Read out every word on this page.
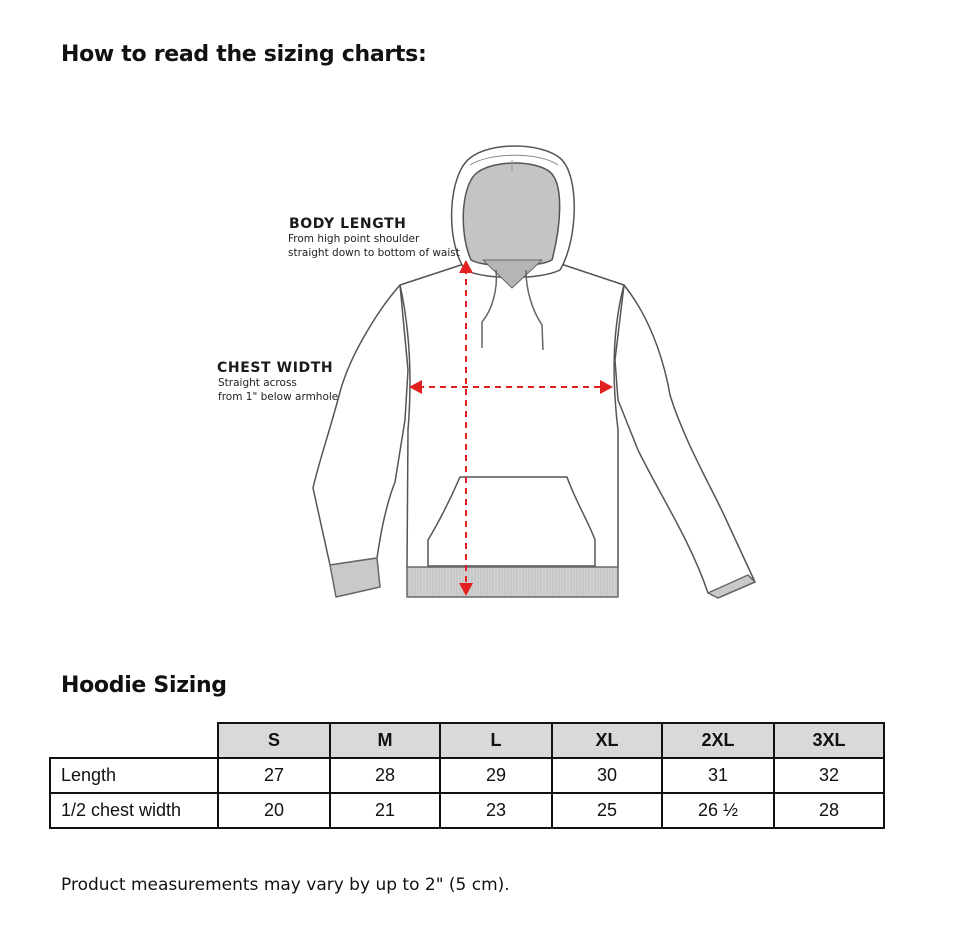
How to read the sizing charts:
BODY LENGTH
From high point shoulder
straight down to bottom of waist
CHEST WIDTH
Straight across
from 1" below armhole
Hoodie Sizing
	S	M	L	XL	2XL	3XL
Length	27	28	29	30	31	32
1/2 chest width	20	21	23	25	26 ½	28

Product measurements may vary by up to 2" (5 cm).
